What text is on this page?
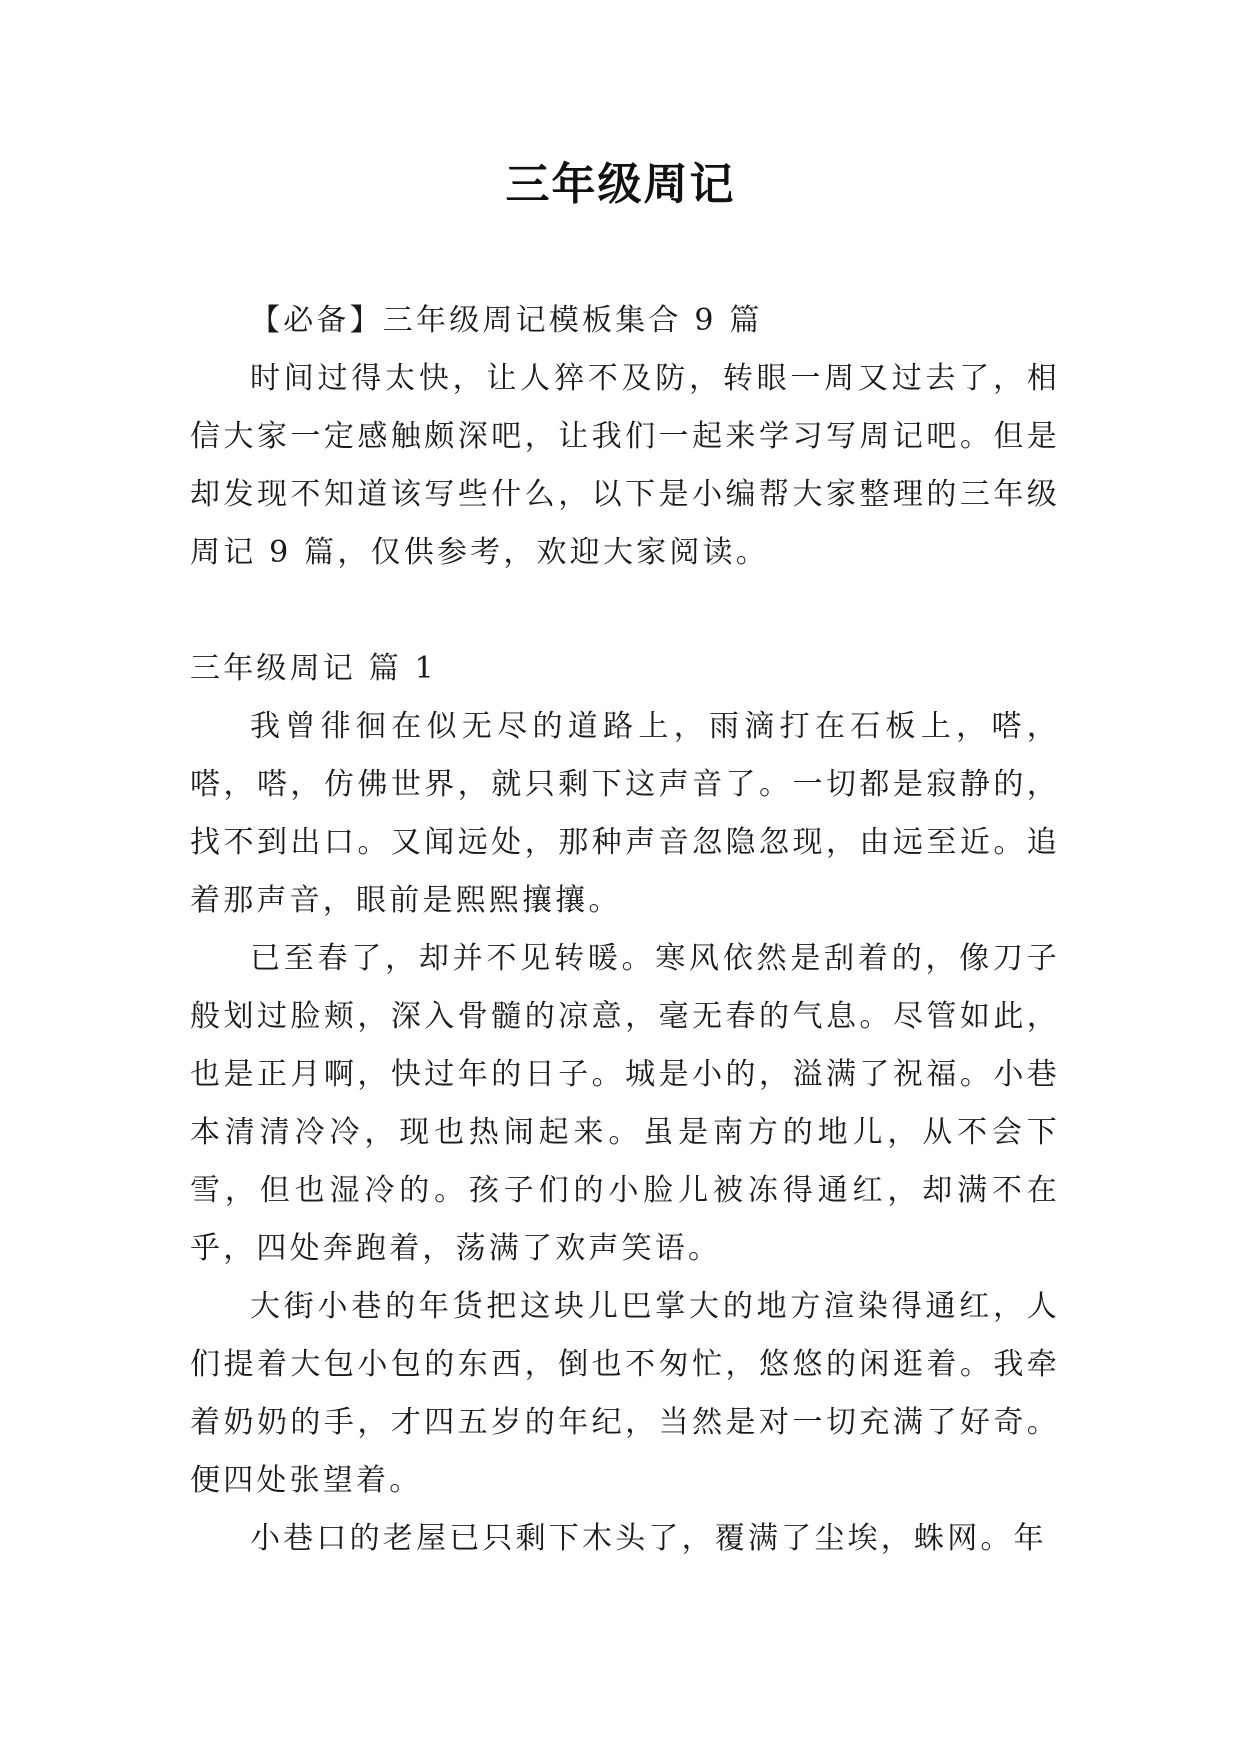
三年级周记

【必备】三年级周记模板集合 9 篇

时间过得太快，让人猝不及防，转眼一周又过去了，相信大家一定感触颇深吧，让我们一起来学习写周记吧。但是却发现不知道该写些什么，以下是小编帮大家整理的三年级周记 9 篇，仅供参考，欢迎大家阅读。

三年级周记 篇 1

我曾徘徊在似无尽的道路上，雨滴打在石板上，嗒，嗒，嗒，仿佛世界，就只剩下这声音了。一切都是寂静的，找不到出口。又闻远处，那种声音忽隐忽现，由远至近。追着那声音，眼前是熙熙攘攘。

已至春了，却并不见转暖。寒风依然是刮着的，像刀子般划过脸颊，深入骨髓的凉意，毫无春的气息。尽管如此，也是正月啊，快过年的日子。城是小的，溢满了祝福。小巷本清清冷冷，现也热闹起来。虽是南方的地儿，从不会下雪，但也湿冷的。孩子们的小脸儿被冻得通红，却满不在乎，四处奔跑着，荡满了欢声笑语。

大街小巷的年货把这块儿巴掌大的地方渲染得通红，人们提着大包小包的东西，倒也不匆忙，悠悠的闲逛着。我牵着奶奶的手，才四五岁的年纪，当然是对一切充满了好奇。便四处张望着。

小巷口的老屋已只剩下木头了，覆满了尘埃，蛛网。年
